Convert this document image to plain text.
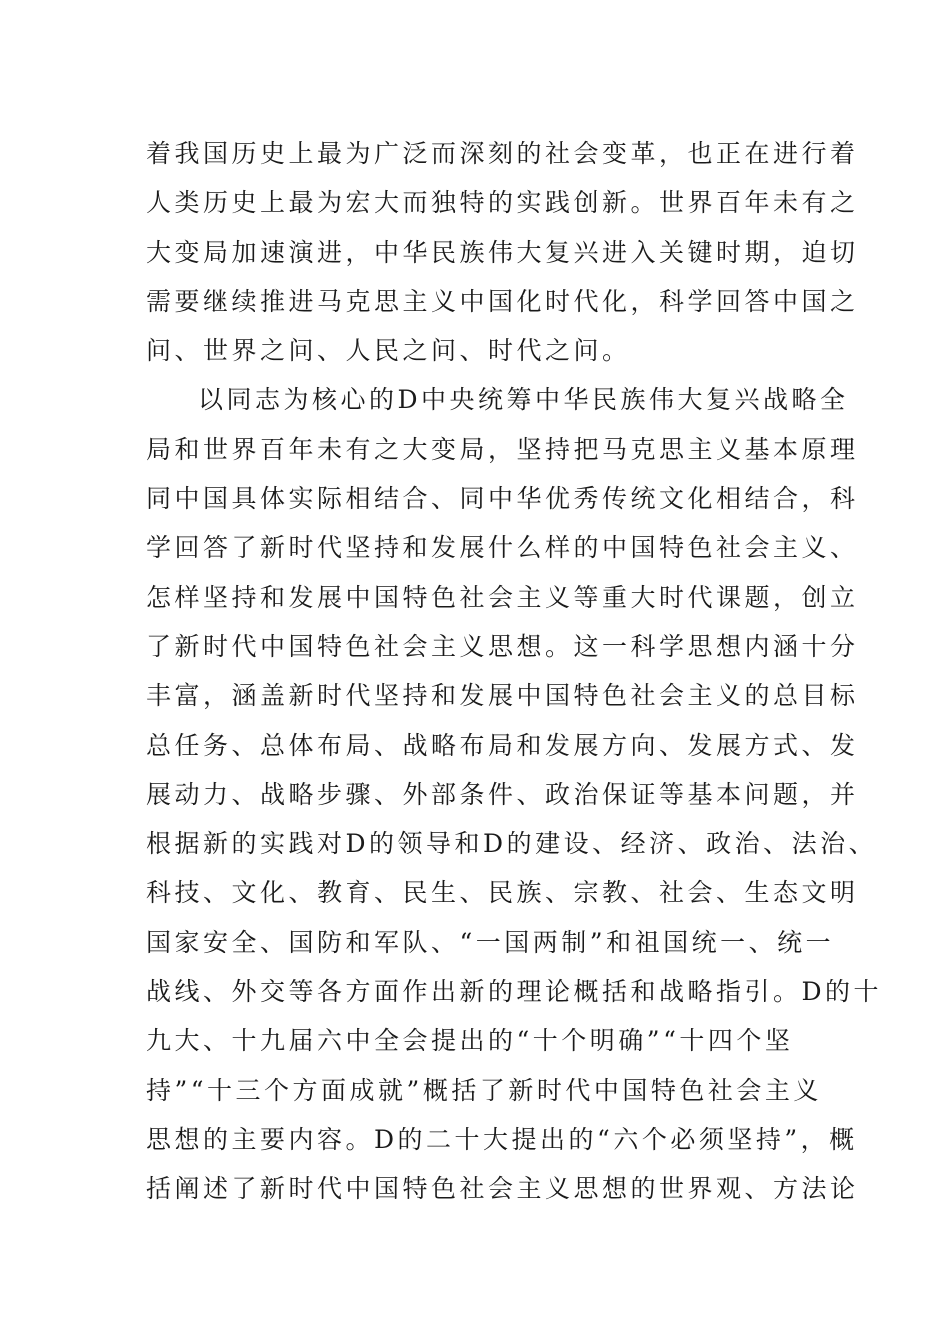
着我国历史上最为广泛而深刻的社会变革，也正在进行着
人类历史上最为宏大而独特的实践创新。世界百年未有之
大变局加速演进，中华民族伟大复兴进入关键时期，迫切
需要继续推进马克思主义中国化时代化，科学回答中国之
问、世界之问、人民之问、时代之问。
以同志为核心的D中央统筹中华民族伟大复兴战略全
局和世界百年未有之大变局，坚持把马克思主义基本原理
同中国具体实际相结合、同中华优秀传统文化相结合，科
学回答了新时代坚持和发展什么样的中国特色社会主义、
怎样坚持和发展中国特色社会主义等重大时代课题，创立
了新时代中国特色社会主义思想。这一科学思想内涵十分
丰富，涵盖新时代坚持和发展中国特色社会主义的总目标
总任务、总体布局、战略布局和发展方向、发展方式、发
展动力、战略步骤、外部条件、政治保证等基本问题，并
根据新的实践对D的领导和D的建设、经济、政治、法治、
科技、文化、教育、民生、民族、宗教、社会、生态文明
国家安全、国防和军队、“一国两制”和祖国统一、统一
战线、外交等各方面作出新的理论概括和战略指引。D的十
九大、十九届六中全会提出的“十个明确”“十四个坚
持”“十三个方面成就”概括了新时代中国特色社会主义
思想的主要内容。D的二十大提出的“六个必须坚持”，概
括阐述了新时代中国特色社会主义思想的世界观、方法论
